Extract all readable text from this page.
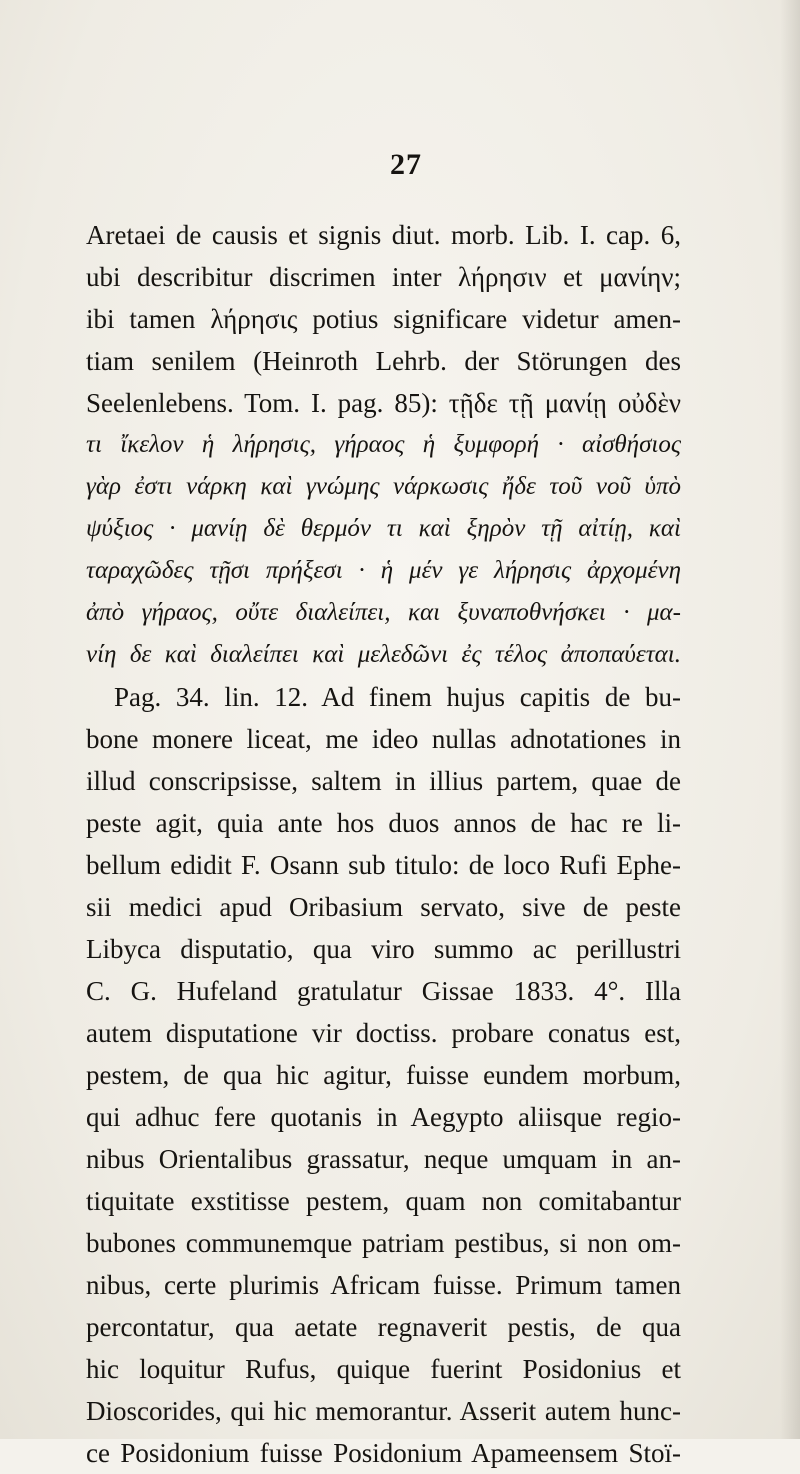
27
Aretaei de causis et signis diut. morb. Lib. I. cap. 6,
ubi describitur discrimen inter λήρησιν et μανίην;
ibi tamen λήρησις potius significare videtur amen-
tiam senilem (Heinroth Lehrb. der Störungen des
Seelenlebens. Tom. I. pag. 85): τῇδε τῇ μανίῃ οὐδὲν
τι ἴκελον ἡ λήρησις, γήραος ἡ ξυμφορή · αἰσθήσιος
γὰρ ἐστι νάρκη καὶ γνώμης νάρκωσις ἤδε τοῦ νοῦ ὑπὸ
ψύξιος · μανίῃ δὲ θερμόν τι καὶ ξηρὸν τῇ αἰτίῃ, καὶ
ταραχῶδες τῇσι πρήξεσι · ἡ μέν γε λήρησις ἀρχομένη
ἀπὸ γήραος, οὔτε διαλείπει, και ξυναποθνήσκει · μα-
νίη δε καὶ διαλείπει καὶ μελεδῶνι ἐς τέλος ἀποπαύεται.
Pag. 34. lin. 12. Ad finem hujus capitis de bu-
bone monere liceat, me ideo nullas adnotationes in
illud conscripsisse, saltem in illius partem, quae de
peste agit, quia ante hos duos annos de hac re li-
bellum edidit F. Osann sub titulo: de loco Rufi Ephe-
sii medici apud Oribasium servato, sive de peste
Libyca disputatio, qua viro summo ac perillustri
C. G. Hufeland gratulatur Gissae 1833. 4°. Illa
autem disputatione vir doctiss. probare conatus est,
pestem, de qua hic agitur, fuisse eundem morbum,
qui adhuc fere quotanis in Aegypto aliisque regio-
nibus Orientalibus grassatur, neque umquam in an-
tiquitate exstitisse pestem, quam non comitabantur
bubones communemque patriam pestibus, si non om-
nibus, certe plurimis Africam fuisse. Primum tamen
percontatur, qua aetate regnaverit pestis, de qua
hic loquitur Rufus, quique fuerint Posidonius et
Dioscorides, qui hic memorantur. Asserit autem hunc-
ce Posidonium fuisse Posidonium Apameensem Stoï-
